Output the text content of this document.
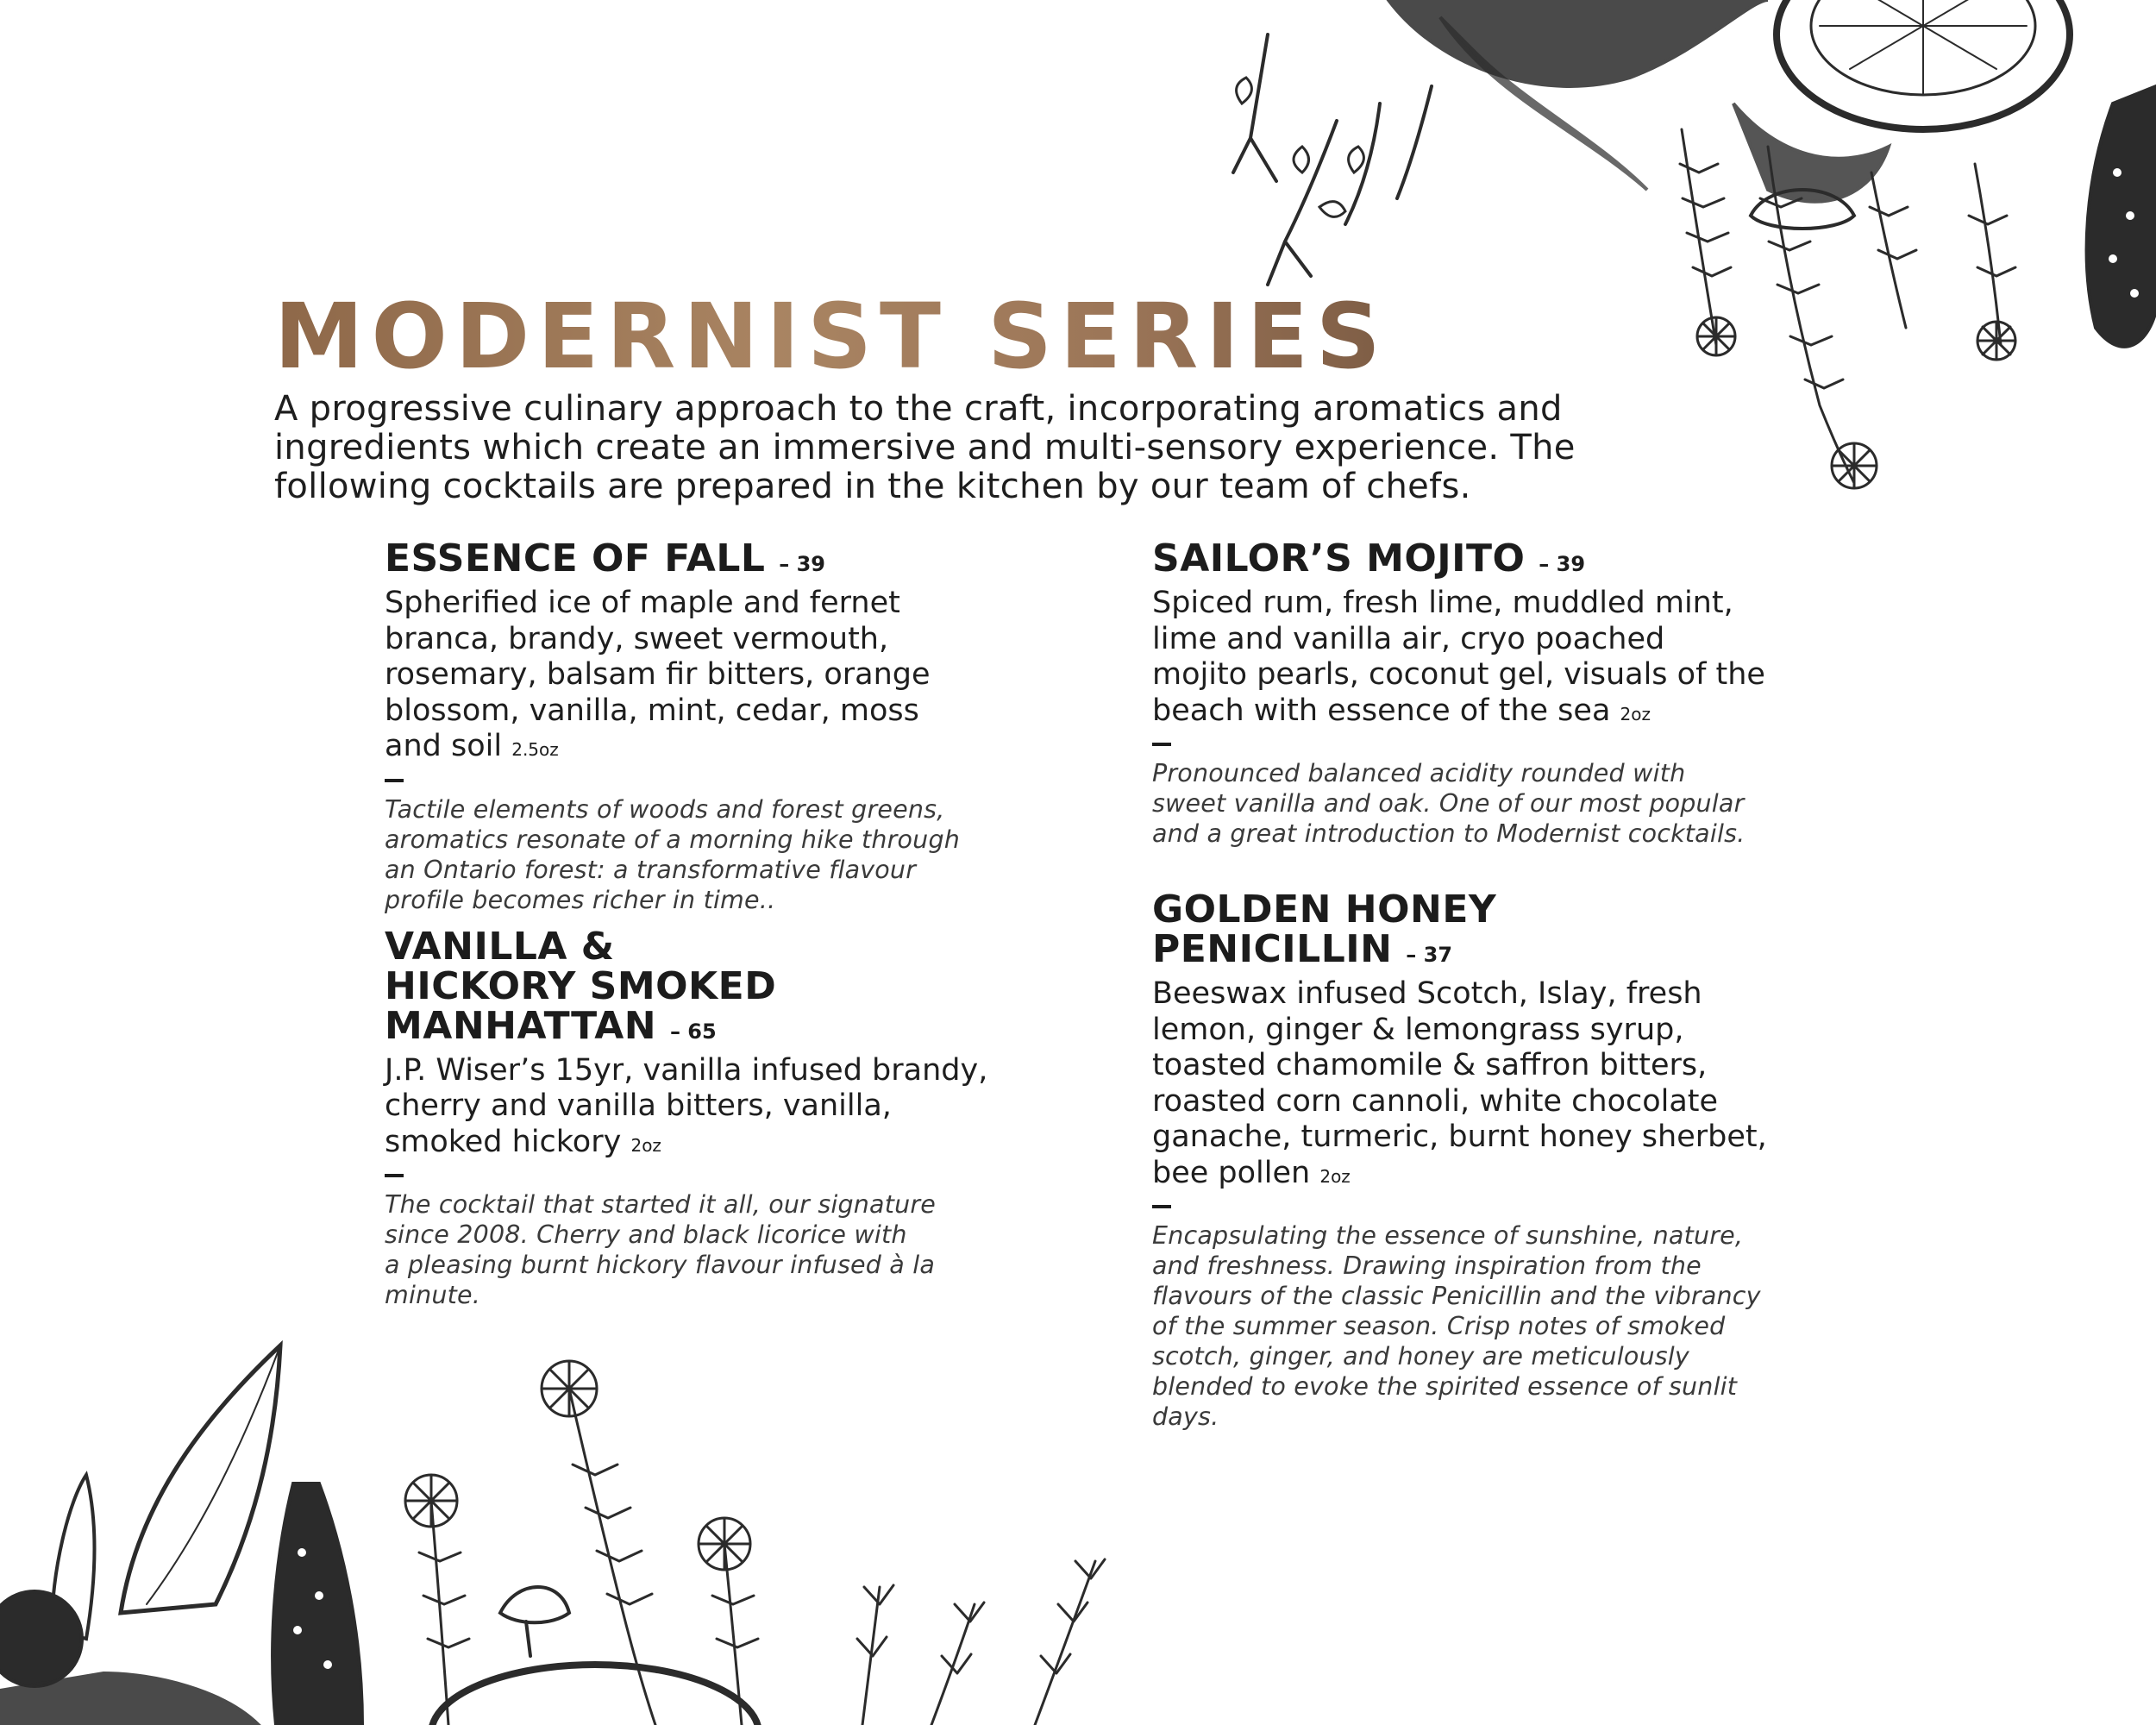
MODERNIST SERIES
A progressive culinary approach to the craft, incorporating aromatics and
ingredients which create an immersive and multi-sensory experience. The
following cocktails are prepared in the kitchen by our team of chefs.
ESSENCE OF FALL – 39
Spherified ice of maple and fernet
branca, brandy, sweet vermouth,
rosemary, balsam fir bitters, orange
blossom, vanilla, mint, cedar, moss
and soil 2.5oz
Tactile elements of woods and forest greens,
aromatics resonate of a morning hike through
an Ontario forest: a transformative flavour
profile becomes richer in time..
VANILLA &
HICKORY SMOKED
MANHATTAN – 65
J.P. Wiser’s 15yr, vanilla infused brandy,
cherry and vanilla bitters, vanilla,
smoked hickory 2oz
The cocktail that started it all, our signature
since 2008. Cherry and black licorice with
a pleasing burnt hickory flavour infused à la
minute.
SAILOR’S MOJITO – 39
Spiced rum, fresh lime, muddled mint,
lime and vanilla air, cryo poached
mojito pearls, coconut gel, visuals of the
beach with essence of the sea 2oz
Pronounced balanced acidity rounded with
sweet vanilla and oak. One of our most popular
and a great introduction to Modernist cocktails.
GOLDEN HONEY
PENICILLIN – 37
Beeswax infused Scotch, Islay, fresh
lemon, ginger & lemongrass syrup,
toasted chamomile & saffron bitters,
roasted corn cannoli, white chocolate
ganache, turmeric, burnt honey sherbet,
bee pollen 2oz
Encapsulating the essence of sunshine, nature,
and freshness. Drawing inspiration from the
flavours of the classic Penicillin and the vibrancy
of the summer season. Crisp notes of smoked
scotch, ginger, and honey are meticulously
blended to evoke the spirited essence of sunlit
days.
